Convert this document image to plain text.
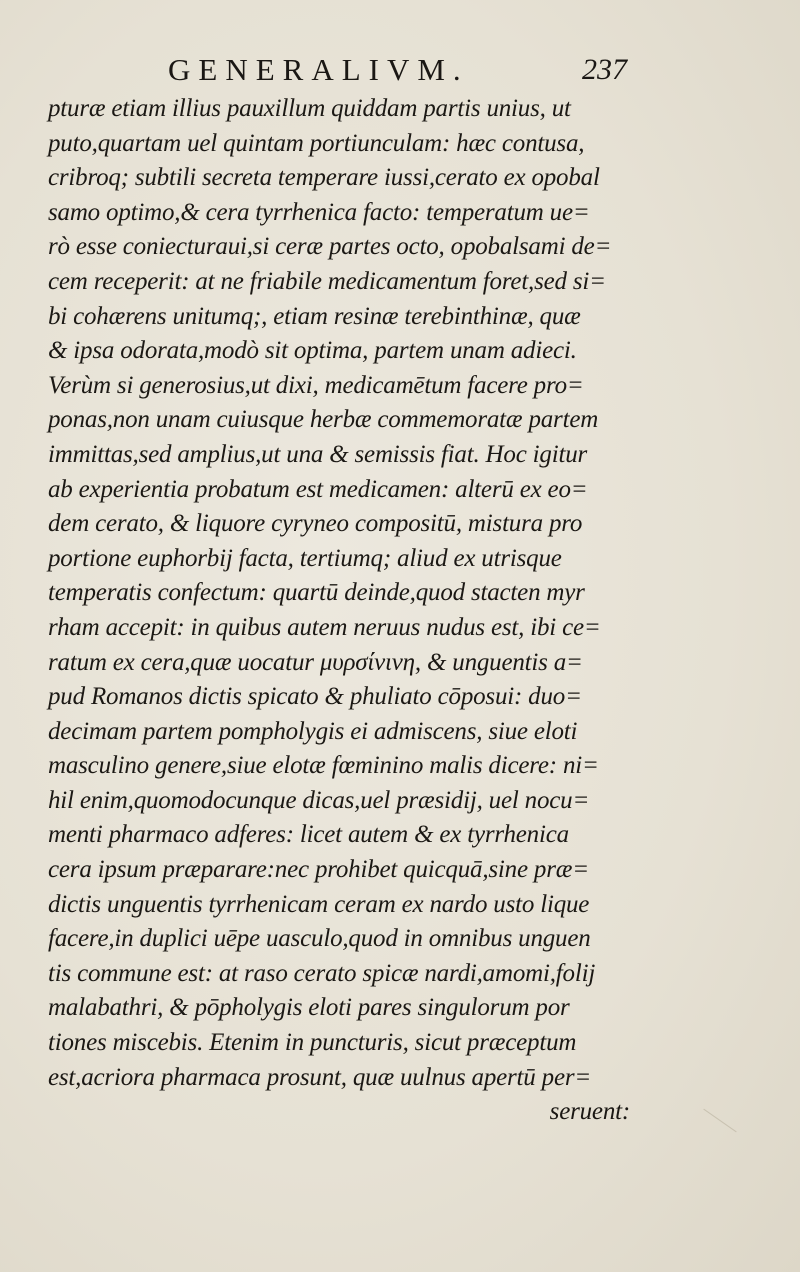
GENERALIVM.	237
pturæ etiam illius pauxillum quiddam partis unius, ut
puto,quartam uel quintam portiunculam: hæc contusa,
cribroq; subtili secreta temperare iussi,cerato ex opobal
samo optimo,& cera tyrrhenica facto: temperatum ue=
rò esse coniecturaui,si ceræ partes octo, opobalsami de=
cem receperit: at ne friabile medicamentum foret,sed si=
bi cohærens unitumq;, etiam resinæ terebinthinæ, quæ
& ipsa odorata,modò sit optima, partem unam adieci.
Verùm si generosius,ut dixi, medicamētum facere pro=
ponas,non unam cuiusque herbæ commemoratæ partem
immittas,sed amplius,ut una & semissis fiat. Hoc igitur
ab experientia probatum est medicamen: alterū ex eo=
dem cerato, & liquore cyryneo compositū, mistura pro
portione euphorbij facta, tertiumq; aliud ex utrisque
temperatis confectum: quartū deinde,quod stacten myr
rham accepit: in quibus autem neruus nudus est, ibi ce=
ratum ex cera,quæ uocatur μυρσίνινη, & unguentis a=
pud Romanos dictis spicato & phuliato cōposui: duo=
decimam partem pompholygis ei admiscens, siue eloti
masculino genere,siue elotæ fœminino malis dicere: ni=
hil enim,quomodocunque dicas,uel præsidij, uel nocu=
menti pharmaco adferes: licet autem & ex tyrrhenica
cera ipsum præparare:nec prohibet quicquā,sine præ=
dictis unguentis tyrrhenicam ceram ex nardo usto lique
facere,in duplici uēpe uasculo,quod in omnibus unguen
tis commune est: at raso cerato spicæ nardi,amomi,folij
malabathri, & pōpholygis eloti pares singulorum por
tiones miscebis. Etenim in puncturis, sicut præceptum
est,acriora pharmaca prosunt, quæ uulnus apertū per=
seruent:
